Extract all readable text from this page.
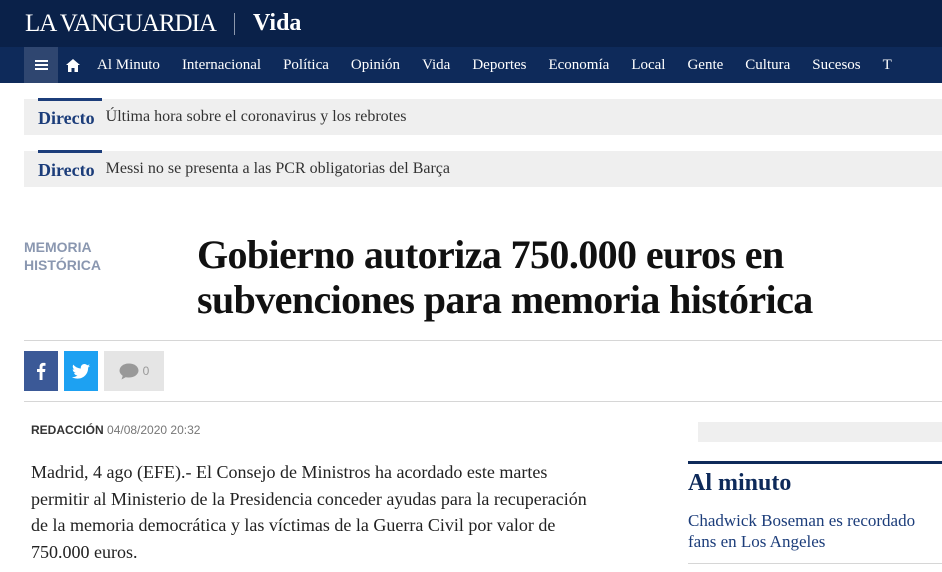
LA VANGUARDIA Vida
Al Minuto Internacional Política Opinión Vida Deportes Economía Local Gente Cultura Sucesos T
Directo Última hora sobre el coronavirus y los rebrotes
Directo Messi no se presenta a las PCR obligatorias del Barça
MEMORIA
HISTÓRICA Gobierno autoriza 750.000 euros en
subvenciones para memoria histórica
0
REDACCIÓN 04/08/2020 20:32

Madrid, 4 ago (EFE).- El Consejo de Ministros ha acordado este martes permitir al Ministerio de la Presidencia conceder ayudas para la recuperación de la memoria democrática y las víctimas de la Guerra Civil por valor de 750.000 euros.

Al minuto
Chadwick Boseman es recordado
fans en Los Angeles
